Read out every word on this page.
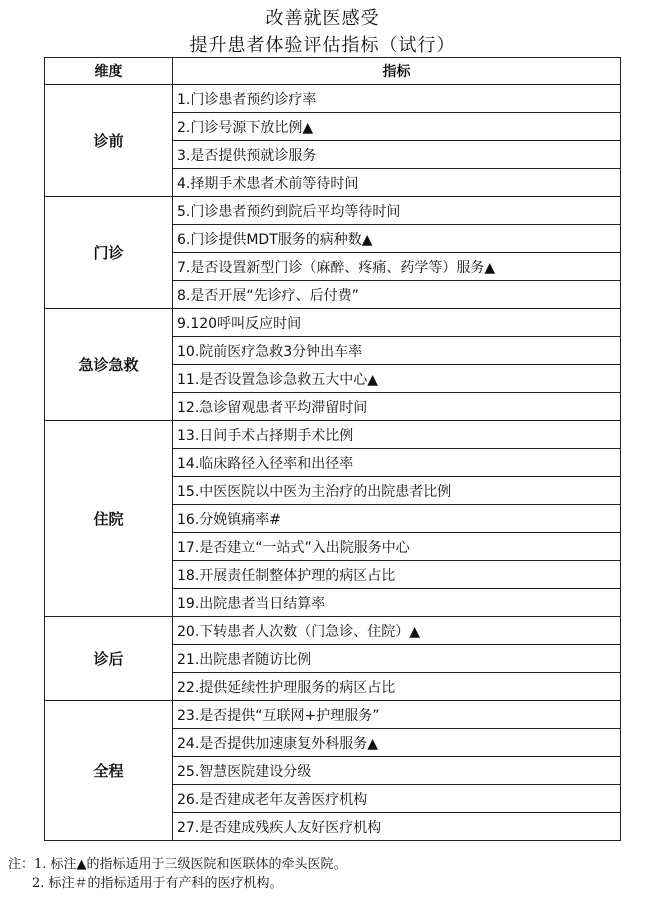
改善就医感受
提升患者体验评估指标（试行）
维度	指标
诊前	1.门诊患者预约诊疗率
	2.门诊号源下放比例▲
	3.是否提供预就诊服务
	4.择期手术患者术前等待时间
门诊	5.门诊患者预约到院后平均等待时间
	6.门诊提供MDT服务的病种数▲
	7.是否设置新型门诊（麻醉、疼痛、药学等）服务▲
	8.是否开展“先诊疗、后付费”
急诊急救	9.120呼叫反应时间
	10.院前医疗急救3分钟出车率
	11.是否设置急诊急救五大中心▲
	12.急诊留观患者平均滞留时间
住院	13.日间手术占择期手术比例
	14.临床路径入径率和出径率
	15.中医医院以中医为主治疗的出院患者比例
	16.分娩镇痛率#
	17.是否建立“一站式”入出院服务中心
	18.开展责任制整体护理的病区占比
	19.出院患者当日结算率
诊后	20.下转患者人次数（门急诊、住院）▲
	21.出院患者随访比例
	22.提供延续性护理服务的病区占比
全程	23.是否提供“互联网+护理服务”
	24.是否提供加速康复外科服务▲
	25.智慧医院建设分级
	26.是否建成老年友善医疗机构
	27.是否建成残疾人友好医疗机构
注：1. 标注▲的指标适用于三级医院和医联体的牵头医院。
2. 标注＃的指标适用于有产科的医疗机构。
